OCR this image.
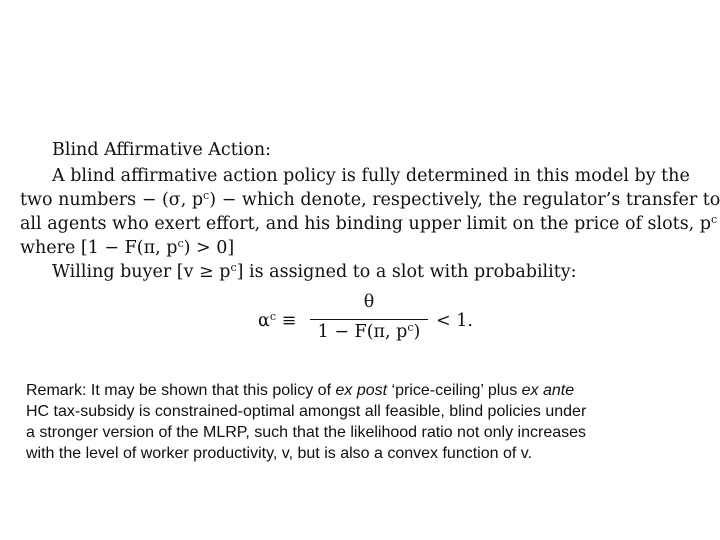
Blind Affirmative Action:
A blind affirmative action policy is fully determined in this model by the
two numbers − (σ, $p^c$) − which denote, respectively, the regulator’s transfer to
all agents who exert effort, and his binding upper limit on the price of slots, $p^c$
where [1 − F(π, $p^c) > 0$]
Willing buyer $[v \ge p^c]$ is assigned to a slot with probability:
$\alpha^c$ ≡
θ
1 − F(π, $p^c$)
< 1.
Remark: It may be shown that this policy of ex post ‘price-ceiling’ plus ex ante
HC tax-subsidy is constrained-optimal amongst all feasible, blind policies under
a stronger version of the MLRP, such that the likelihood ratio not only increases
with the level of worker productivity, v, but is also a convex function of v.
